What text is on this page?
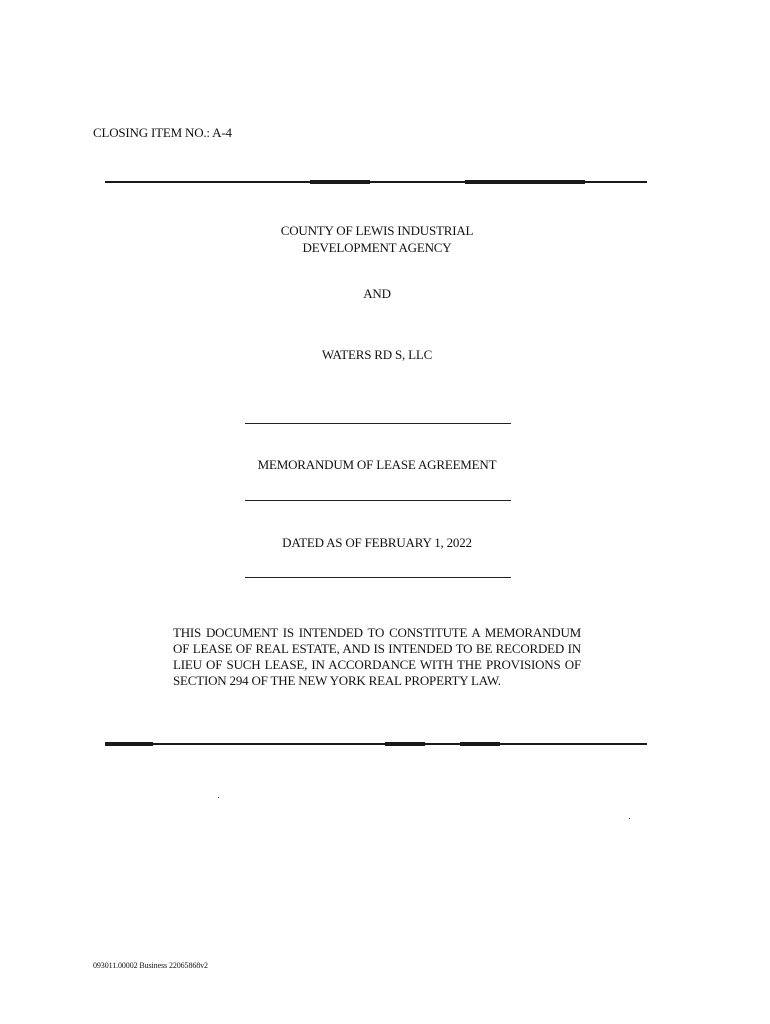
CLOSING ITEM NO.: A-4
COUNTY OF LEWIS INDUSTRIAL
DEVELOPMENT AGENCY
AND
WATERS RD S, LLC
MEMORANDUM OF LEASE AGREEMENT
DATED AS OF FEBRUARY 1, 2022
THIS DOCUMENT IS INTENDED TO CONSTITUTE A MEMORANDUM OF LEASE OF REAL ESTATE, AND IS INTENDED TO BE RECORDED IN LIEU OF SUCH LEASE, IN ACCORDANCE WITH THE PROVISIONS OF SECTION 294 OF THE NEW YORK REAL PROPERTY LAW.
093011.00002 Business 22065868v2
